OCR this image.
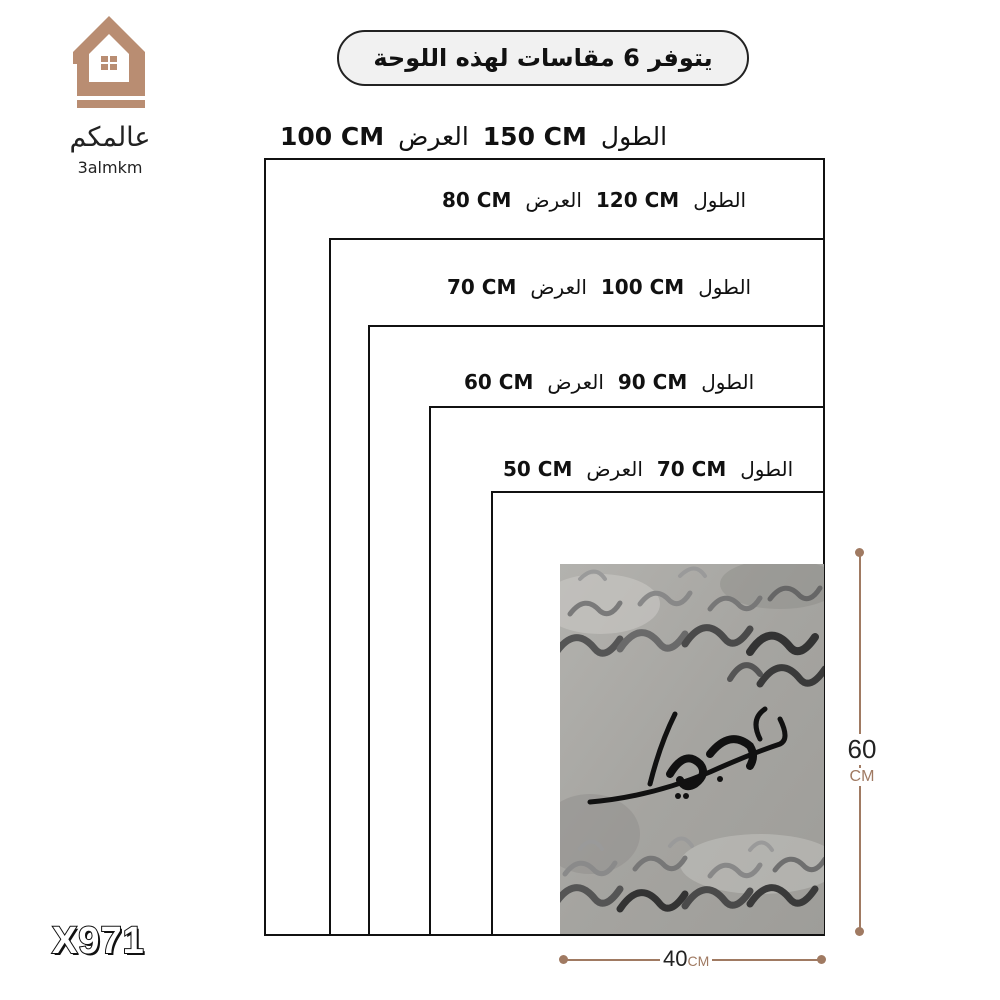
عالمكم
3almkm
يتوفر 6 مقاسات لهذه اللوحة
100 CM العرض 150 CM الطول
80 CM العرض 120 CM الطول
70 CM العرض 100 CM الطول
60 CM العرض 90 CM الطول
50 CM العرض 70 CM الطول
60
CM
40CM
X971
